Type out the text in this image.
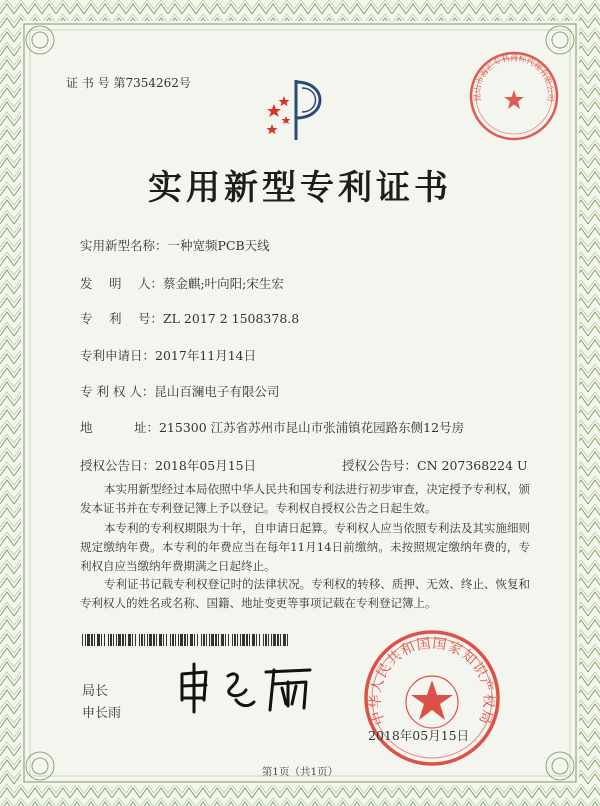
证 书 号 第7354262号
实用新型专利证书
实用新型名称：一种宽频PCB天线
发　 明　 人：蔡金麒;叶向阳;宋生宏
专　 利　 号：ZL 2017 2 1508378.8
专利申请日：2017年11月14日
专 利 权 人：昆山百澜电子有限公司
地　　　 址：215300 江苏省苏州市昆山市张浦镇花园路东侧12号房
授权公告日：2018年05月15日	授权公告号：CN 207368224 U
本实用新型经过本局依照中华人民共和国专利法进行初步审查，决定授予专利权，颁发本证书并在专利登记簿上予以登记。专利权自授权公告之日起生效。
本专利的专利权期限为十年，自申请日起算。专利权人应当依照专利法及其实施细则规定缴纳年费。本专利的年费应当在每年11月14日前缴纳。未按照规定缴纳年费的，专利权自应当缴纳年费期满之日起终止。
专利证书记载专利权登记时的法律状况。专利权的转移、质押、无效、终止、恢复和专利权人的姓名或名称、国籍、地址变更等事项记载在专利登记簿上。
局长
申长雨	中华人民共和国国家知识产权局
2018年05月15日
昆山市海汇专利商标代理有限公司
第1页（共1页）
